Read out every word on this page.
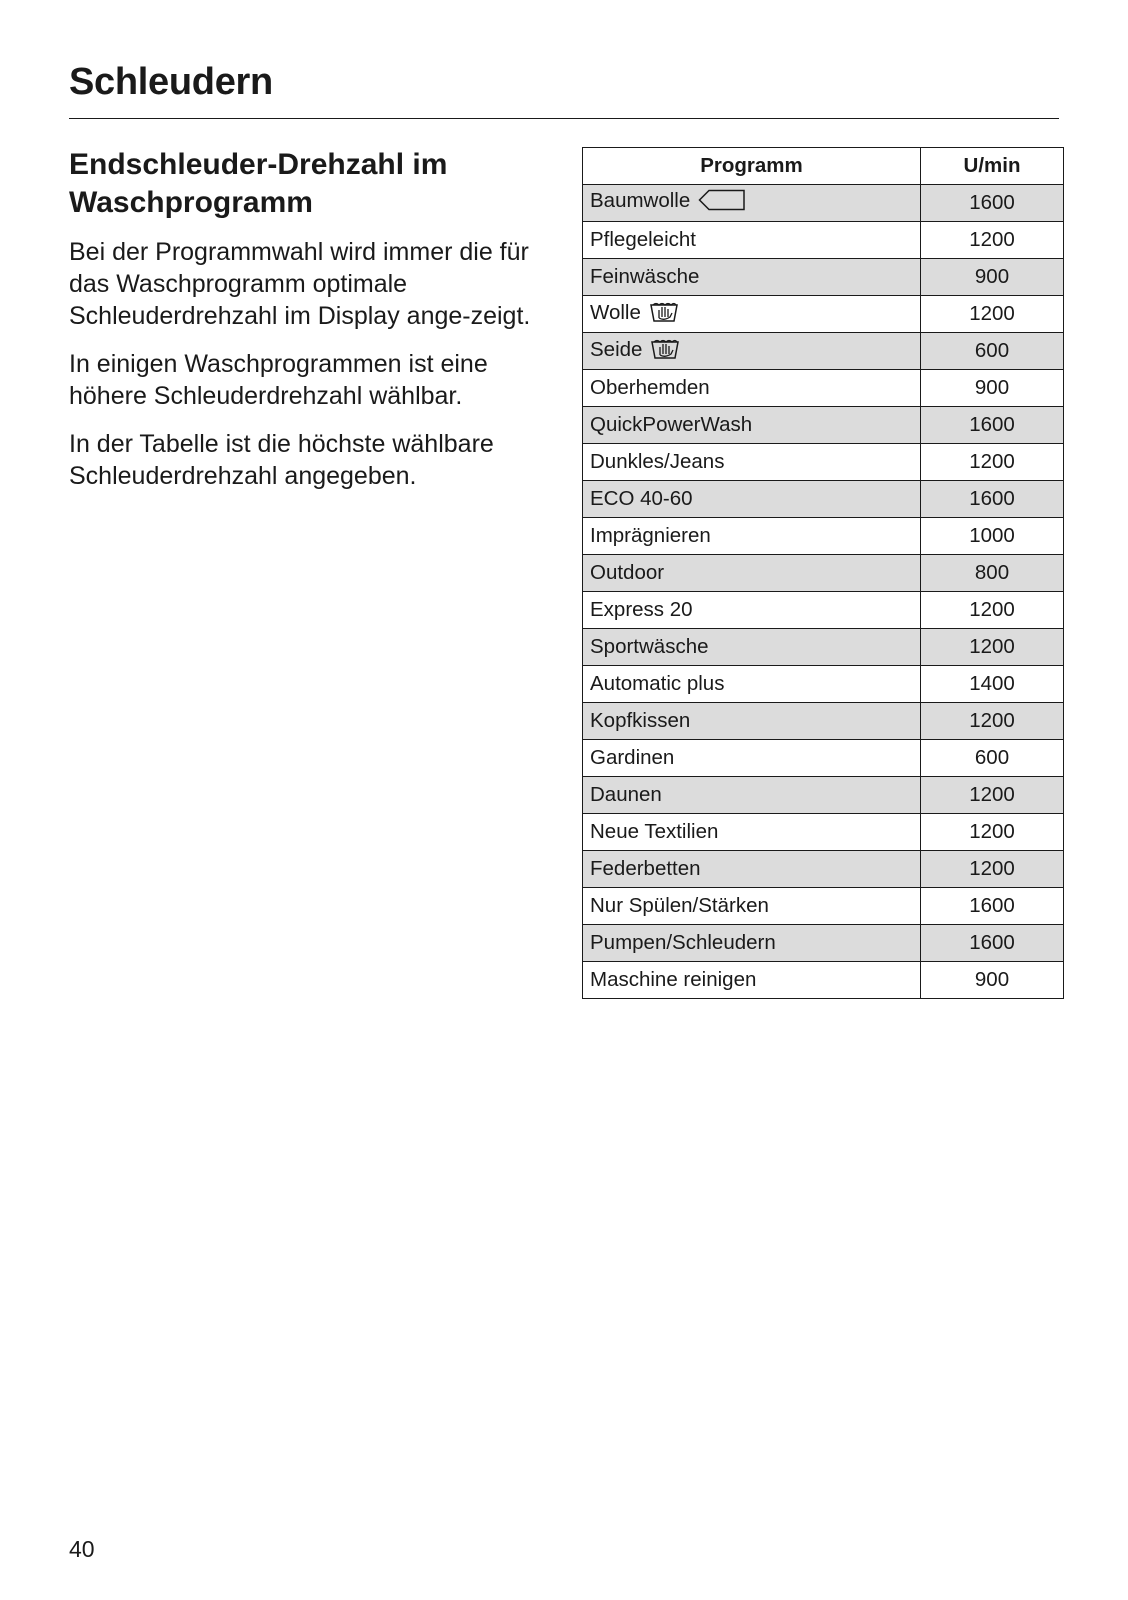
Schleudern
Endschleuder-Drehzahl im Waschprogramm

Bei der Programmwahl wird immer die für das Waschprogramm optimale Schleuderdrehzahl im Display ange-zeigt.

In einigen Waschprogrammen ist eine höhere Schleuderdrehzahl wählbar.

In der Tabelle ist die höchste wählbare Schleuderdrehzahl angegeben.

Programm	U/min
Baumwolle	1600
Pflegeleicht	1200
Feinwäsche	900
Wolle	1200
Seide	600
Oberhemden	900
QuickPowerWash	1600
Dunkles/Jeans	1200
ECO 40-60	1600
Imprägnieren	1000
Outdoor	800
Express 20	1200
Sportwäsche	1200
Automatic plus	1400
Kopfkissen	1200
Gardinen	600
Daunen	1200
Neue Textilien	1200
Federbetten	1200
Nur Spülen/Stärken	1600
Pumpen/Schleudern	1600
Maschine reinigen	900
40
